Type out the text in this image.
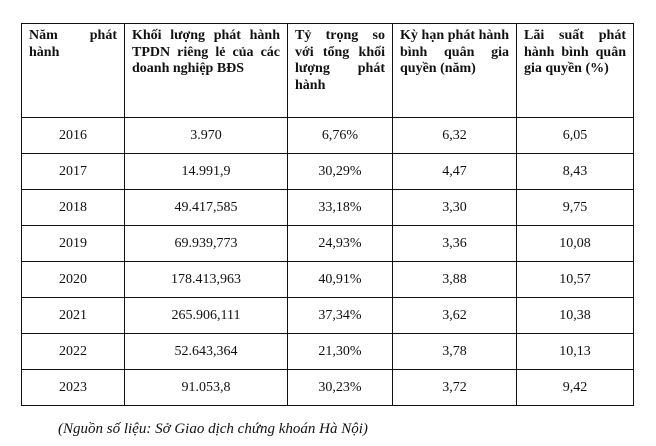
Năm phát hành	Khối lượng phát hành TPDN riêng lẻ của các doanh nghiệp BĐS	Tỷ trọng so với tổng khối lượng phát hành	Kỳ hạn phát hành bình quân gia quyền (năm)	Lãi suất phát hành bình quân gia quyền (%)

2016	3.970	6,76%	6,32	6,05
2017	14.991,9	30,29%	4,47	8,43
2018	49.417,585	33,18%	3,30	9,75
2019	69.939,773	24,93%	3,36	10,08
2020	178.413,963	40,91%	3,88	10,57
2021	265.906,111	37,34%	3,62	10,38
2022	52.643,364	21,30%	3,78	10,13
2023	91.053,8	30,23%	3,72	9,42
(Nguồn số liệu: Sở Giao dịch chứng khoán Hà Nội)
